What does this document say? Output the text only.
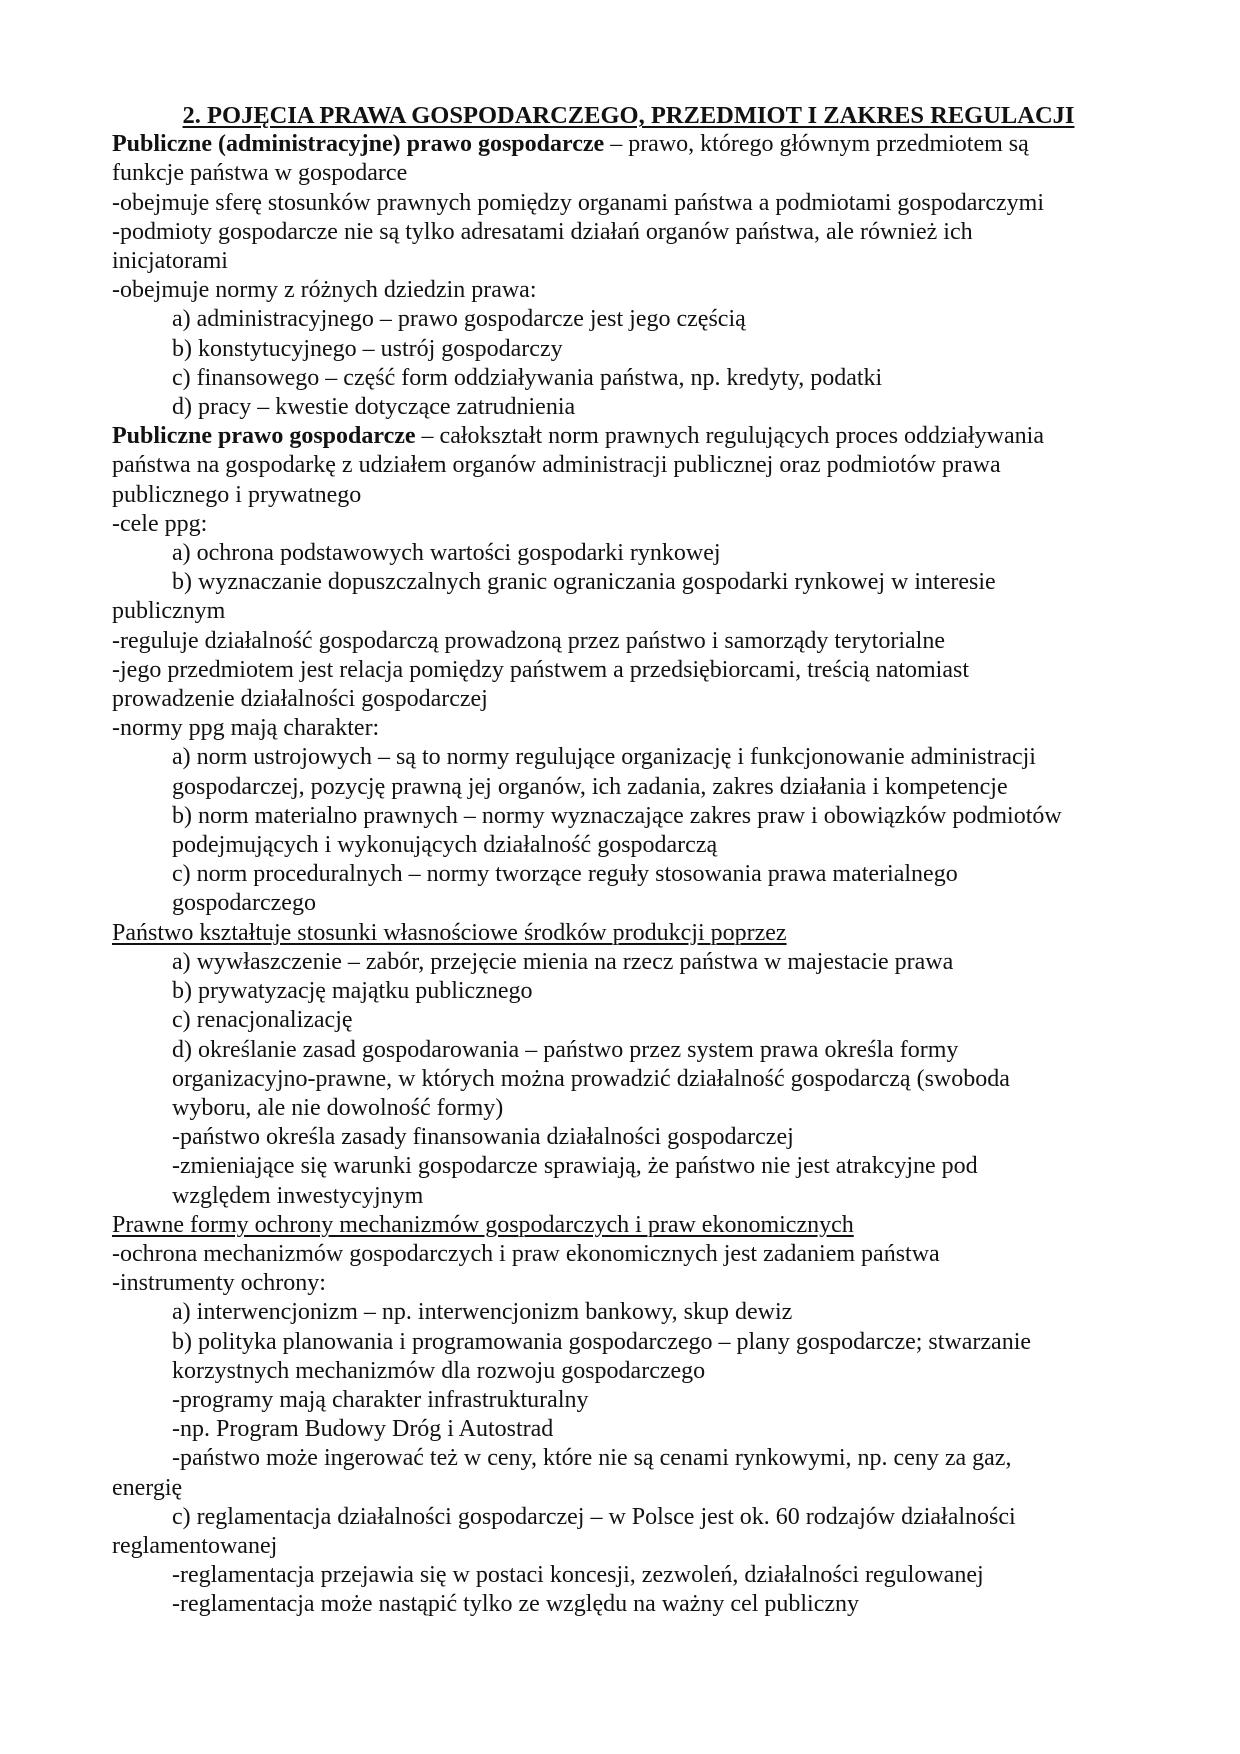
2. POJĘCIA PRAWA GOSPODARCZEGO, PRZEDMIOT I ZAKRES REGULACJI
Publiczne (administracyjne) prawo gospodarcze – prawo, którego głównym przedmiotem są
funkcje państwa w gospodarce
-obejmuje sferę stosunków prawnych pomiędzy organami państwa a podmiotami gospodarczymi
-podmioty gospodarcze nie są tylko adresatami działań organów państwa, ale również ich
inicjatorami
-obejmuje normy z różnych dziedzin prawa:
a) administracyjnego – prawo gospodarcze jest jego częścią
b) konstytucyjnego – ustrój gospodarczy
c) finansowego – część form oddziaływania państwa, np. kredyty, podatki
d) pracy – kwestie dotyczące zatrudnienia
Publiczne prawo gospodarcze – całokształt norm prawnych regulujących proces oddziaływania
państwa na gospodarkę z udziałem organów administracji publicznej oraz podmiotów prawa
publicznego i prywatnego
-cele ppg:
a) ochrona podstawowych wartości gospodarki rynkowej
b) wyznaczanie dopuszczalnych granic ograniczania gospodarki rynkowej w interesie
publicznym
-reguluje działalność gospodarczą prowadzoną przez państwo i samorządy terytorialne
-jego przedmiotem jest relacja pomiędzy państwem a przedsiębiorcami, treścią natomiast
prowadzenie działalności gospodarczej
-normy ppg mają charakter:
a) norm ustrojowych – są to normy regulujące organizację i funkcjonowanie administracji
gospodarczej, pozycję prawną jej organów, ich zadania, zakres działania i kompetencje
b) norm materialno prawnych – normy wyznaczające zakres praw i obowiązków podmiotów
podejmujących i wykonujących działalność gospodarczą
c) norm proceduralnych – normy tworzące reguły stosowania prawa materialnego
gospodarczego
Państwo kształtuje stosunki własnościowe środków produkcji poprzez
a) wywłaszczenie – zabór, przejęcie mienia na rzecz państwa w majestacie prawa
b) prywatyzację majątku publicznego
c) renacjonalizację
d) określanie zasad gospodarowania – państwo przez system prawa określa formy
organizacyjno-prawne, w których można prowadzić działalność gospodarczą (swoboda
wyboru, ale nie dowolność formy)
-państwo określa zasady finansowania działalności gospodarczej
-zmieniające się warunki gospodarcze sprawiają, że państwo nie jest atrakcyjne pod
względem inwestycyjnym
Prawne formy ochrony mechanizmów gospodarczych i praw ekonomicznych
-ochrona mechanizmów gospodarczych i praw ekonomicznych jest zadaniem państwa
-instrumenty ochrony:
a) interwencjonizm – np. interwencjonizm bankowy, skup dewiz
b) polityka planowania i programowania gospodarczego – plany gospodarcze; stwarzanie
korzystnych mechanizmów dla rozwoju gospodarczego
-programy mają charakter infrastrukturalny
-np. Program Budowy Dróg i Autostrad
-państwo może ingerować też w ceny, które nie są cenami rynkowymi, np. ceny za gaz,
energię
c) reglamentacja działalności gospodarczej – w Polsce jest ok. 60 rodzajów działalności
reglamentowanej
-reglamentacja przejawia się w postaci koncesji, zezwoleń, działalności regulowanej
-reglamentacja może nastąpić tylko ze względu na ważny cel publiczny
